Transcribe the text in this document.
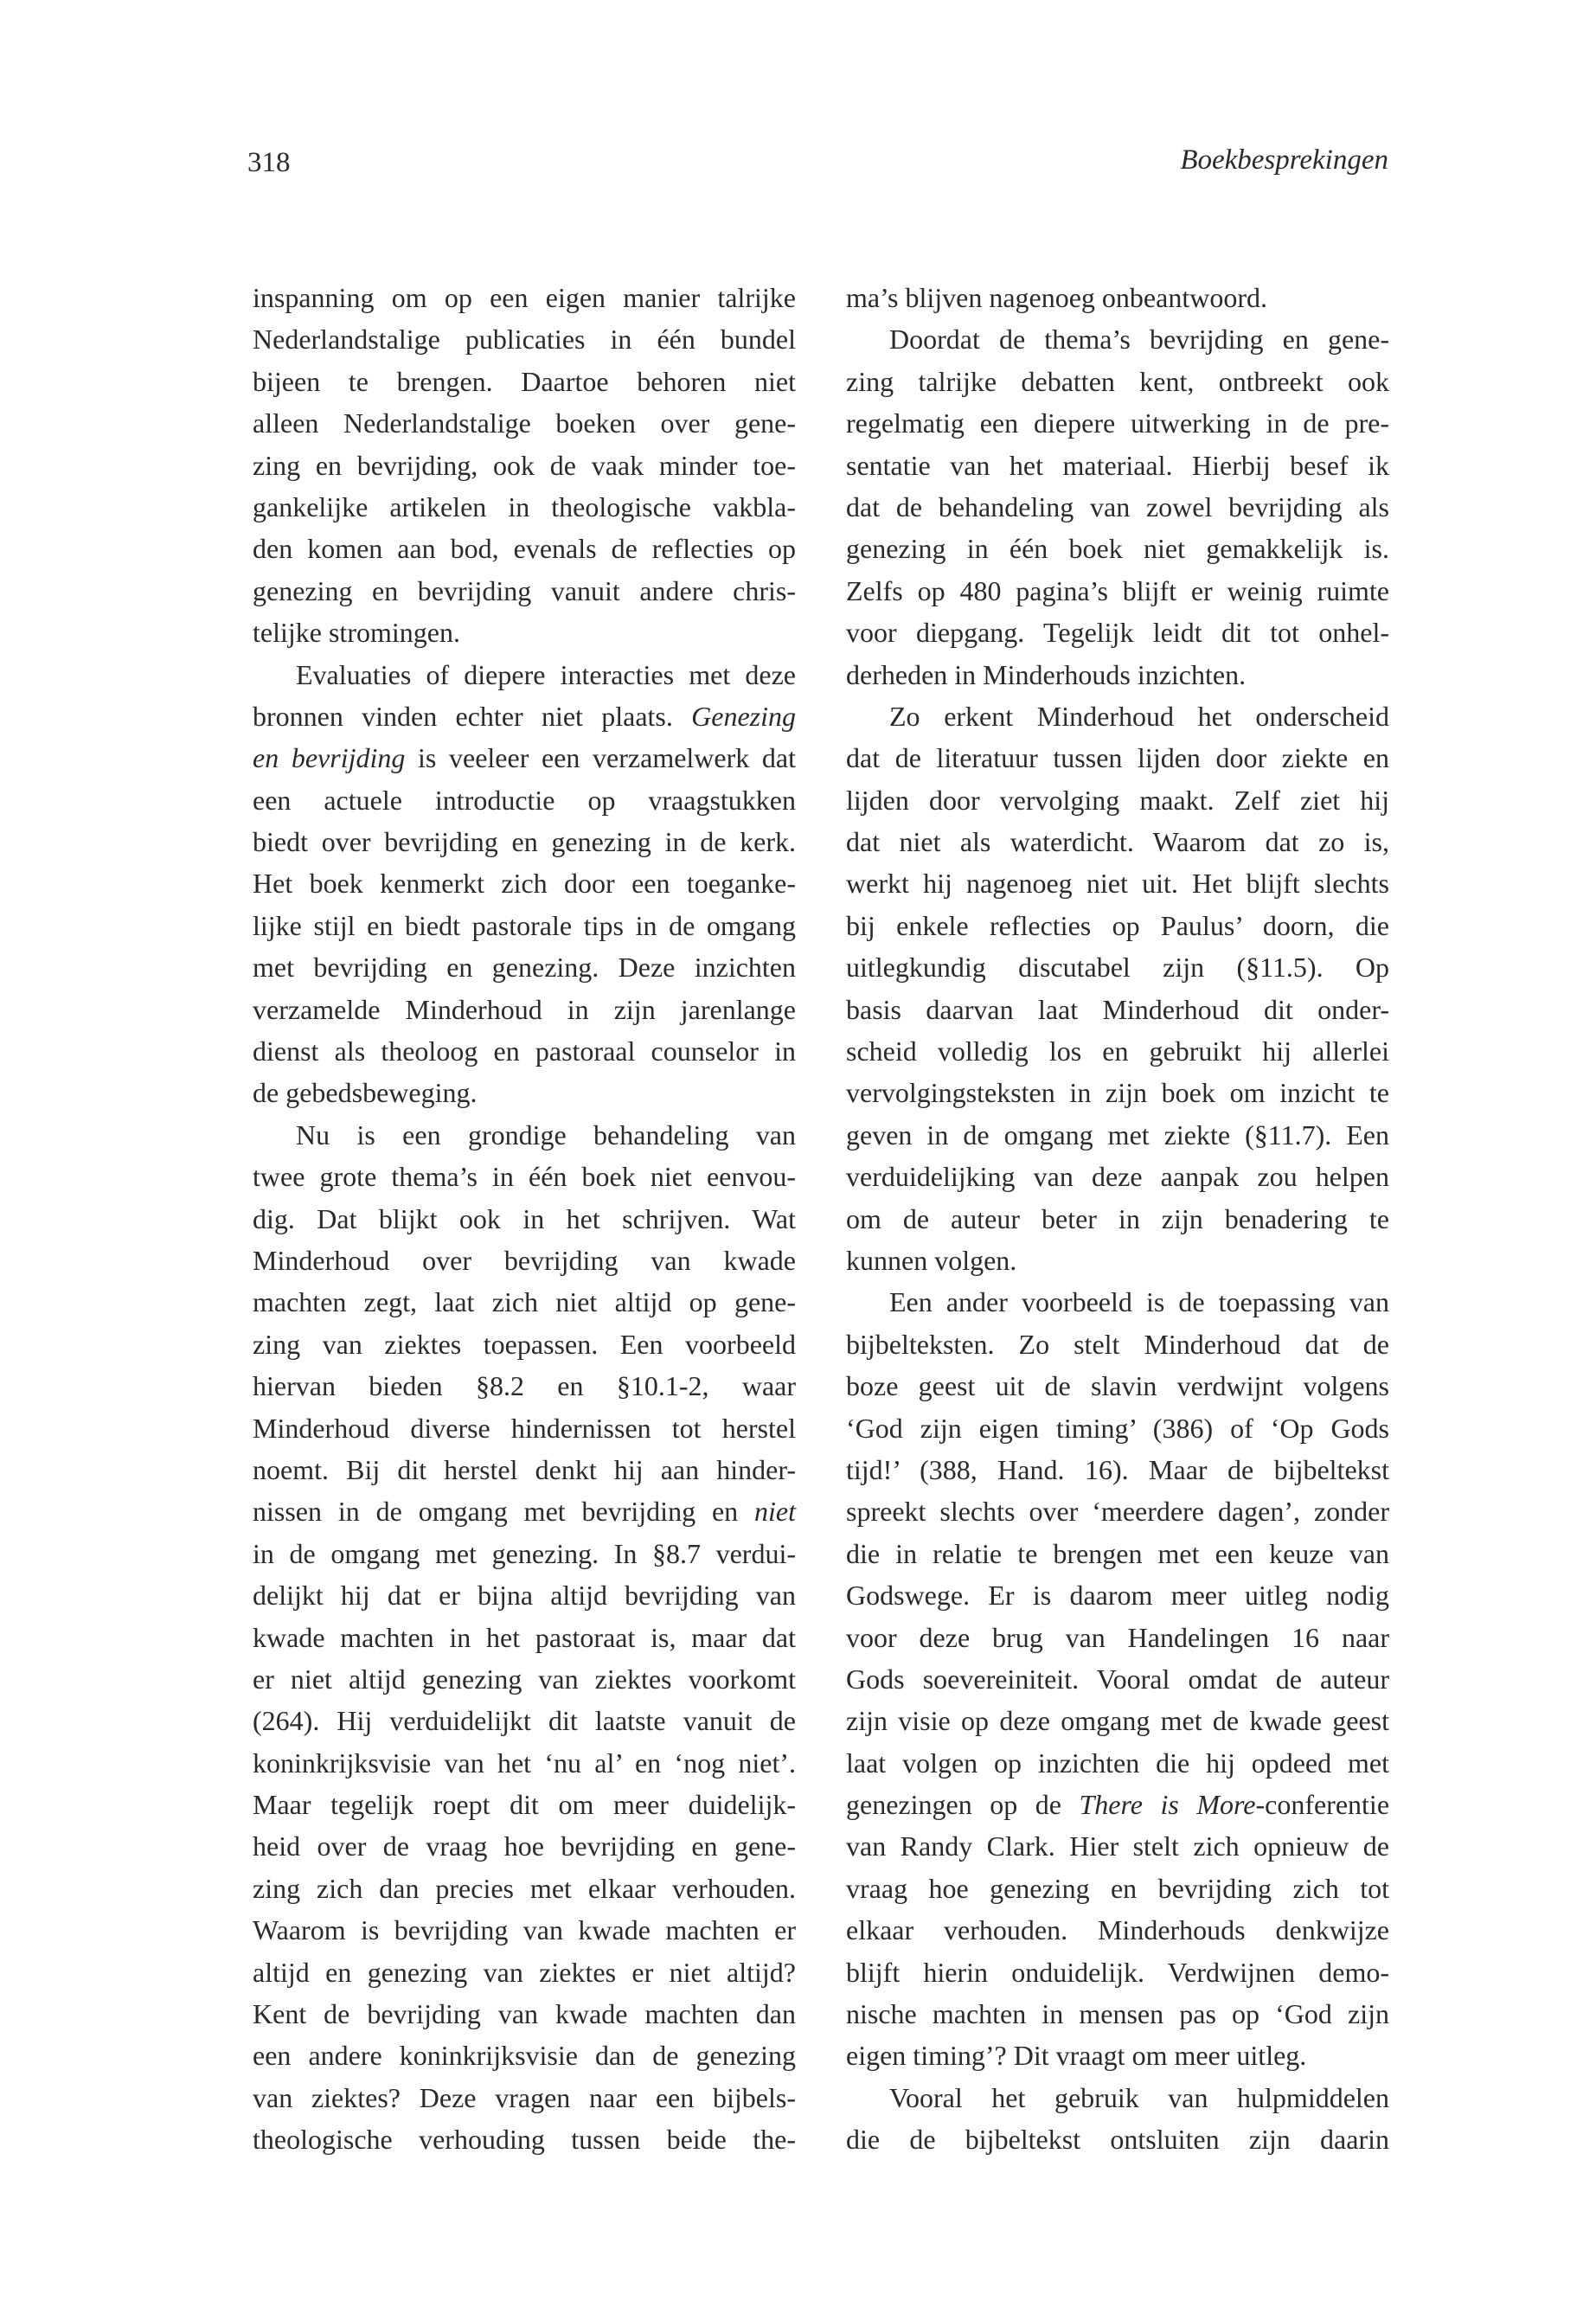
318	Boekbesprekingen
inspanning om op een eigen manier talrijke
Nederlandstalige publicaties in één bundel
bijeen te brengen. Daartoe behoren niet
alleen Nederlandstalige boeken over gene-
zing en bevrijding, ook de vaak minder toe-
gankelijke artikelen in theologische vakbla-
den komen aan bod, evenals de reflecties op
genezing en bevrijding vanuit andere chris-
telijke stromingen.
Evaluaties of diepere interacties met deze
bronnen vinden echter niet plaats. Genezing
en bevrijding is veeleer een verzamelwerk dat
een actuele introductie op vraagstukken
biedt over bevrijding en genezing in de kerk.
Het boek kenmerkt zich door een toeganke-
lijke stijl en biedt pastorale tips in de omgang
met bevrijding en genezing. Deze inzichten
verzamelde Minderhoud in zijn jarenlange
dienst als theoloog en pastoraal counselor in
de gebedsbeweging.
Nu is een grondige behandeling van
twee grote thema’s in één boek niet eenvou-
dig. Dat blijkt ook in het schrijven. Wat
Minderhoud over bevrijding van kwade
machten zegt, laat zich niet altijd op gene-
zing van ziektes toepassen. Een voorbeeld
hiervan bieden §8.2 en §10.1-2, waar
Minderhoud diverse hindernissen tot herstel
noemt. Bij dit herstel denkt hij aan hinder-
nissen in de omgang met bevrijding en niet
in de omgang met genezing. In §8.7 verdui-
delijkt hij dat er bijna altijd bevrijding van
kwade machten in het pastoraat is, maar dat
er niet altijd genezing van ziektes voorkomt
(264). Hij verduidelijkt dit laatste vanuit de
koninkrijksvisie van het ‘nu al’ en ‘nog niet’.
Maar tegelijk roept dit om meer duidelijk-
heid over de vraag hoe bevrijding en gene-
zing zich dan precies met elkaar verhouden.
Waarom is bevrijding van kwade machten er
altijd en genezing van ziektes er niet altijd?
Kent de bevrijding van kwade machten dan
een andere koninkrijksvisie dan de genezing
van ziektes? Deze vragen naar een bijbels-
theologische verhouding tussen beide the-
ma’s blijven nagenoeg onbeantwoord.
Doordat de thema’s bevrijding en gene-
zing talrijke debatten kent, ontbreekt ook
regelmatig een diepere uitwerking in de pre-
sentatie van het materiaal. Hierbij besef ik
dat de behandeling van zowel bevrijding als
genezing in één boek niet gemakkelijk is.
Zelfs op 480 pagina’s blijft er weinig ruimte
voor diepgang. Tegelijk leidt dit tot onhel-
derheden in Minderhouds inzichten.
Zo erkent Minderhoud het onderscheid
dat de literatuur tussen lijden door ziekte en
lijden door vervolging maakt. Zelf ziet hij
dat niet als waterdicht. Waarom dat zo is,
werkt hij nagenoeg niet uit. Het blijft slechts
bij enkele reflecties op Paulus’ doorn, die
uitlegkundig discutabel zijn (§11.5). Op
basis daarvan laat Minderhoud dit onder-
scheid volledig los en gebruikt hij allerlei
vervolgingsteksten in zijn boek om inzicht te
geven in de omgang met ziekte (§11.7). Een
verduidelijking van deze aanpak zou helpen
om de auteur beter in zijn benadering te
kunnen volgen.
Een ander voorbeeld is de toepassing van
bijbelteksten. Zo stelt Minderhoud dat de
boze geest uit de slavin verdwijnt volgens
‘God zijn eigen timing’ (386) of ‘Op Gods
tijd!’ (388, Hand. 16). Maar de bijbeltekst
spreekt slechts over ‘meerdere dagen’, zonder
die in relatie te brengen met een keuze van
Godswege. Er is daarom meer uitleg nodig
voor deze brug van Handelingen 16 naar
Gods soevereiniteit. Vooral omdat de auteur
zijn visie op deze omgang met de kwade geest
laat volgen op inzichten die hij opdeed met
genezingen op de There is More-conferentie
van Randy Clark. Hier stelt zich opnieuw de
vraag hoe genezing en bevrijding zich tot
elkaar verhouden. Minderhouds denkwijze
blijft hierin onduidelijk. Verdwijnen demo-
nische machten in mensen pas op ‘God zijn
eigen timing’? Dit vraagt om meer uitleg.
Vooral het gebruik van hulpmiddelen
die de bijbeltekst ontsluiten zijn daarin
